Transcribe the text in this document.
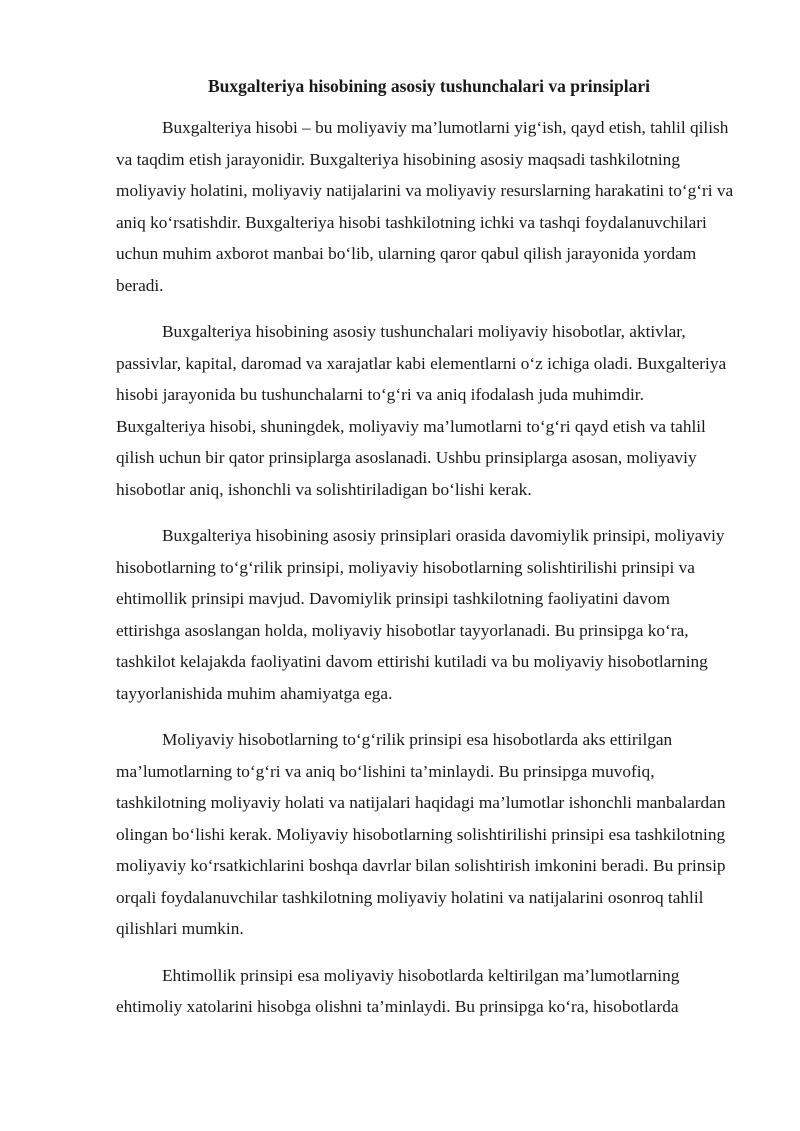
Buxgalteriya hisobining asosiy tushunchalari va prinsiplari

Buxgalteriya hisobi – bu moliyaviy ma’lumotlarni yig‘ish, qayd etish, tahlil qilish va taqdim etish jarayonidir. Buxgalteriya hisobining asosiy maqsadi tashkilotning moliyaviy holatini, moliyaviy natijalarini va moliyaviy resurslarning harakatini to‘g‘ri va aniq ko‘rsatishdir. Buxgalteriya hisobi tashkilotning ichki va tashqi foydalanuvchilari uchun muhim axborot manbai bo‘lib, ularning qaror qabul qilish jarayonida yordam beradi.

Buxgalteriya hisobining asosiy tushunchalari moliyaviy hisobotlar, aktivlar, passivlar, kapital, daromad va xarajatlar kabi elementlarni o‘z ichiga oladi. Buxgalteriya hisobi jarayonida bu tushunchalarni to‘g‘ri va aniq ifodalash juda muhimdir. Buxgalteriya hisobi, shuningdek, moliyaviy ma’lumotlarni to‘g‘ri qayd etish va tahlil qilish uchun bir qator prinsiplarga asoslanadi. Ushbu prinsiplarga asosan, moliyaviy hisobotlar aniq, ishonchli va solishtiriladigan bo‘lishi kerak.

Buxgalteriya hisobining asosiy prinsiplari orasida davomiylik prinsipi, moliyaviy hisobotlarning to‘g‘rilik prinsipi, moliyaviy hisobotlarning solishtirilishi prinsipi va ehtimollik prinsipi mavjud. Davomiylik prinsipi tashkilotning faoliyatini davom ettirishga asoslangan holda, moliyaviy hisobotlar tayyorlanadi. Bu prinsipga ko‘ra, tashkilot kelajakda faoliyatini davom ettirishi kutiladi va bu moliyaviy hisobotlarning tayyorlanishida muhim ahamiyatga ega.

Moliyaviy hisobotlarning to‘g‘rilik prinsipi esa hisobotlarda aks ettirilgan ma’lumotlarning to‘g‘ri va aniq bo‘lishini ta’minlaydi. Bu prinsipga muvofiq, tashkilotning moliyaviy holati va natijalari haqidagi ma’lumotlar ishonchli manbalardan olingan bo‘lishi kerak. Moliyaviy hisobotlarning solishtirilishi prinsipi esa tashkilotning moliyaviy ko‘rsatkichlarini boshqa davrlar bilan solishtirish imkonini beradi. Bu prinsip orqali foydalanuvchilar tashkilotning moliyaviy holatini va natijalarini osonroq tahlil qilishlari mumkin.

Ehtimollik prinsipi esa moliyaviy hisobotlarda keltirilgan ma’lumotlarning ehtimoliy xatolarini hisobga olishni ta’minlaydi. Bu prinsipga ko‘ra, hisobotlarda
